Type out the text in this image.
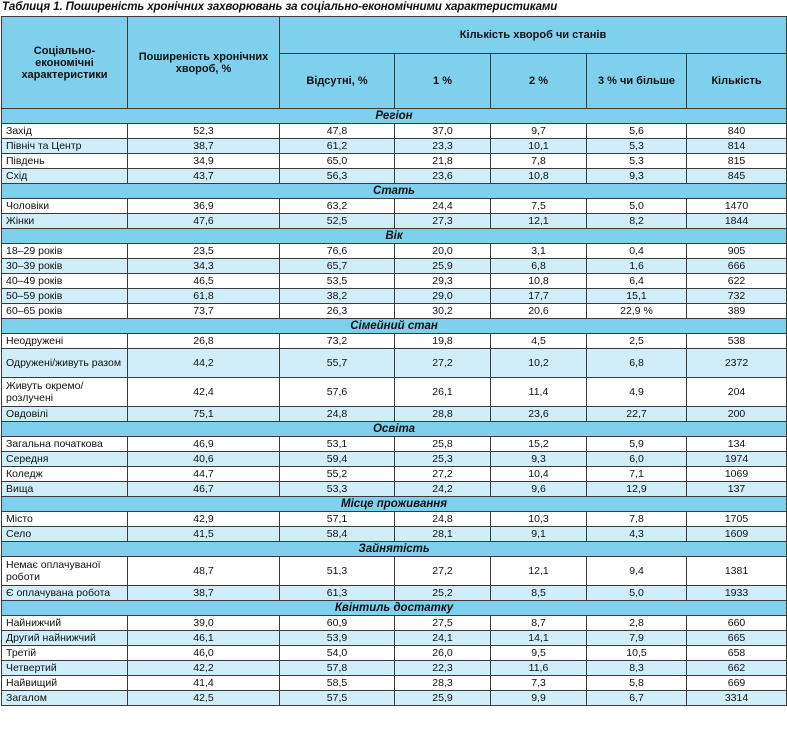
Таблиця 1. Поширеність хронічних захворювань за соціально-економічними характеристиками
Соціально-економічні характеристики	Поширеність хронічних хвороб, %	Кількість хвороб чи станів				
		Відсутні, %	1 %	2 %	3 % чи більше	Кількість
Регіон						
Захід	52,3	47,8	37,0	9,7	5,6	840
Північ та Центр	38,7	61,2	23,3	10,1	5,3	814
Південь	34,9	65,0	21,8	7,8	5,3	815
Схід	43,7	56,3	23,6	10,8	9,3	845
Стать						
Чоловіки	36,9	63,2	24,4	7,5	5,0	1470
Жінки	47,6	52,5	27,3	12,1	8,2	1844
Вік						
18–29 років	23,5	76,6	20,0	3,1	0,4	905
30–39 років	34,3	65,7	25,9	6,8	1,6	666
40–49 років	46,5	53,5	29,3	10,8	6,4	622
50–59 років	61,8	38,2	29,0	17,7	15,1	732
60–65 років	73,7	26,3	30,2	20,6	22,9 %	389
Сімейний стан						
Неодружені	26,8	73,2	19,8	4,5	2,5	538
Одружені/живуть разом	44,2	55,7	27,2	10,2	6,8	2372
Живуть окремо/розлучені	42,4	57,6	26,1	11,4	4,9	204
Овдовілі	75,1	24,8	28,8	23,6	22,7	200
Освіта						
Загальна початкова	46,9	53,1	25,8	15,2	5,9	134
Середня	40,6	59,4	25,3	9,3	6,0	1974
Коледж	44,7	55,2	27,2	10,4	7,1	1069
Вища	46,7	53,3	24,2	9,6	12,9	137
Місце проживання						
Місто	42,9	57,1	24,8	10,3	7,8	1705
Село	41,5	58,4	28,1	9,1	4,3	1609
Зайнятість						
Немає оплачуваної роботи	48,7	51,3	27,2	12,1	9,4	1381
Є оплачувана робота	38,7	61,3	25,2	8,5	5,0	1933
Квінтиль достатку						
Найнижчий	39,0	60,9	27,5	8,7	2,8	660
Другий найнижчий	46,1	53,9	24,1	14,1	7,9	665
Третій	46,0	54,0	26,0	9,5	10,5	658
Четвертий	42,2	57,8	22,3	11,6	8,3	662
Найвищий	41,4	58,5	28,3	7,3	5,8	669
Загалом	42,5	57,5	25,9	9,9	6,7	3314
